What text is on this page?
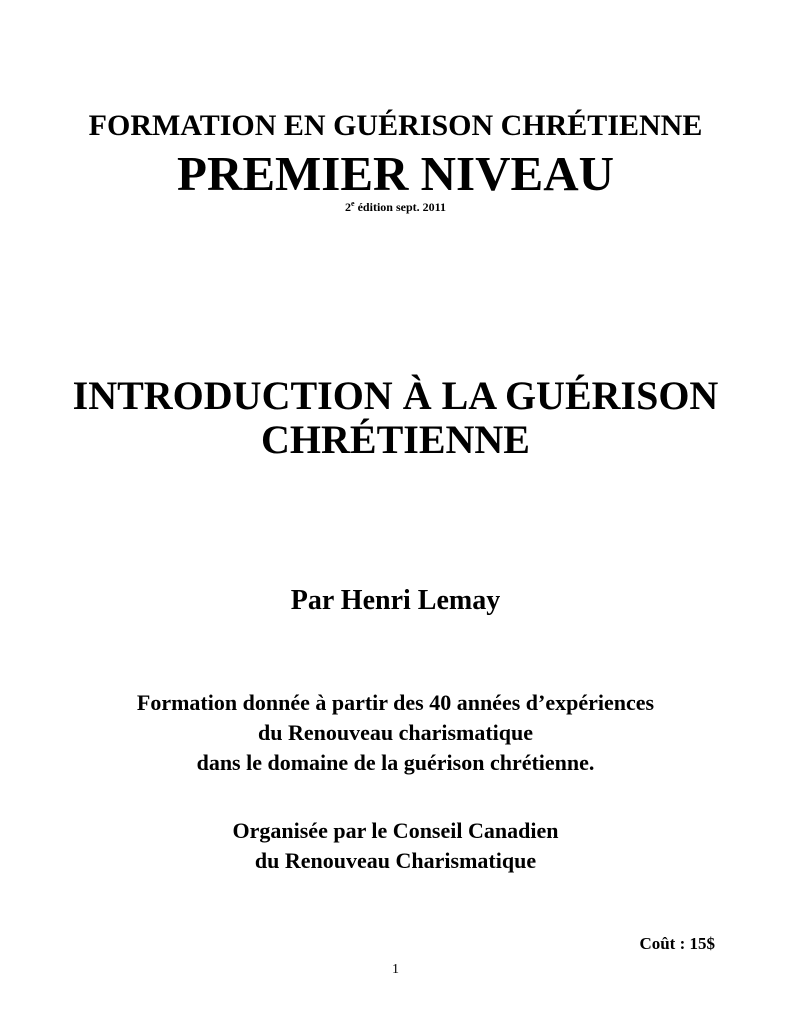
FORMATION EN GUÉRISON CHRÉTIENNE
PREMIER NIVEAU
2e édition sept. 2011
INTRODUCTION À LA GUÉRISON
CHRÉTIENNE
Par Henri Lemay
Formation donnée à partir des 40 années d’expériences
du Renouveau charismatique
dans le domaine de la guérison chrétienne.
Organisée par le Conseil Canadien
du Renouveau Charismatique
Coût : 15$
1
